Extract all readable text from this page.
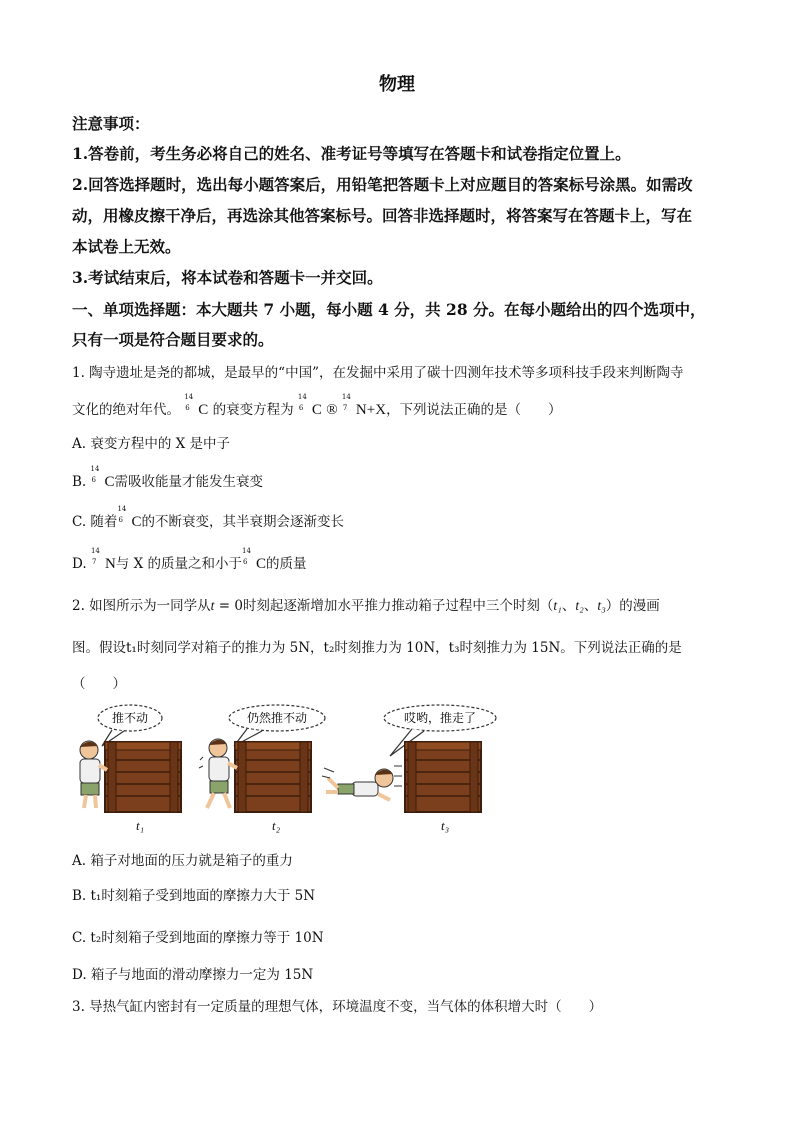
物理
注意事项：
1.答卷前，考生务必将自己的姓名、准考证号等填写在答题卡和试卷指定位置上。
2.回答选择题时，选出每小题答案后，用铅笔把答题卡上对应题目的答案标号涂黑。如需改
动，用橡皮擦干净后，再选涂其他答案标号。回答非选择题时，将答案写在答题卡上，写在
本试卷上无效。
3.考试结束后，将本试卷和答题卡一并交回。
一、单项选择题：本大题共 7 小题，每小题 4 分，共 28 分。在每小题给出的四个选项中，
只有一项是符合题目要求的。
1. 陶寺遗址是尧的都城，是最早的“中国”，在发掘中采用了碳十四测年技术等多项科技手段来判断陶寺
文化的绝对年代。
14
6 C 的衰变方程为
14
6 C ®
14
7 N+X，下列说法正确的是（　　）
A. 衰变方程中的 X 是中子
B.
14
6 C需吸收能量才能发生衰变
C. 随着
14
6 C的不断衰变，其半衰期会逐渐变长
D.
14
7 N与 X 的质量之和小于
14
6 C的质量
2. 如图所示为一同学从t = 0时刻起逐渐增加水平推力推动箱子过程中三个时刻（t₁、t₂、t₃）的漫画
图。假设t₁时刻同学对箱子的推力为 5N，t₂时刻推力为 10N，t₃时刻推力为 15N。下列说法正确的是
（　　）
推不动	仍然推不动	哎哟，推走了
t₁	t₂	t₃
A. 箱子对地面的压力就是箱子的重力
B. t₁时刻箱子受到地面的摩擦力大于 5N
C. t₂时刻箱子受到地面的摩擦力等于 10N
D. 箱子与地面的滑动摩擦力一定为 15N
3. 导热气缸内密封有一定质量的理想气体，环境温度不变，当气体的体积增大时（　　）
